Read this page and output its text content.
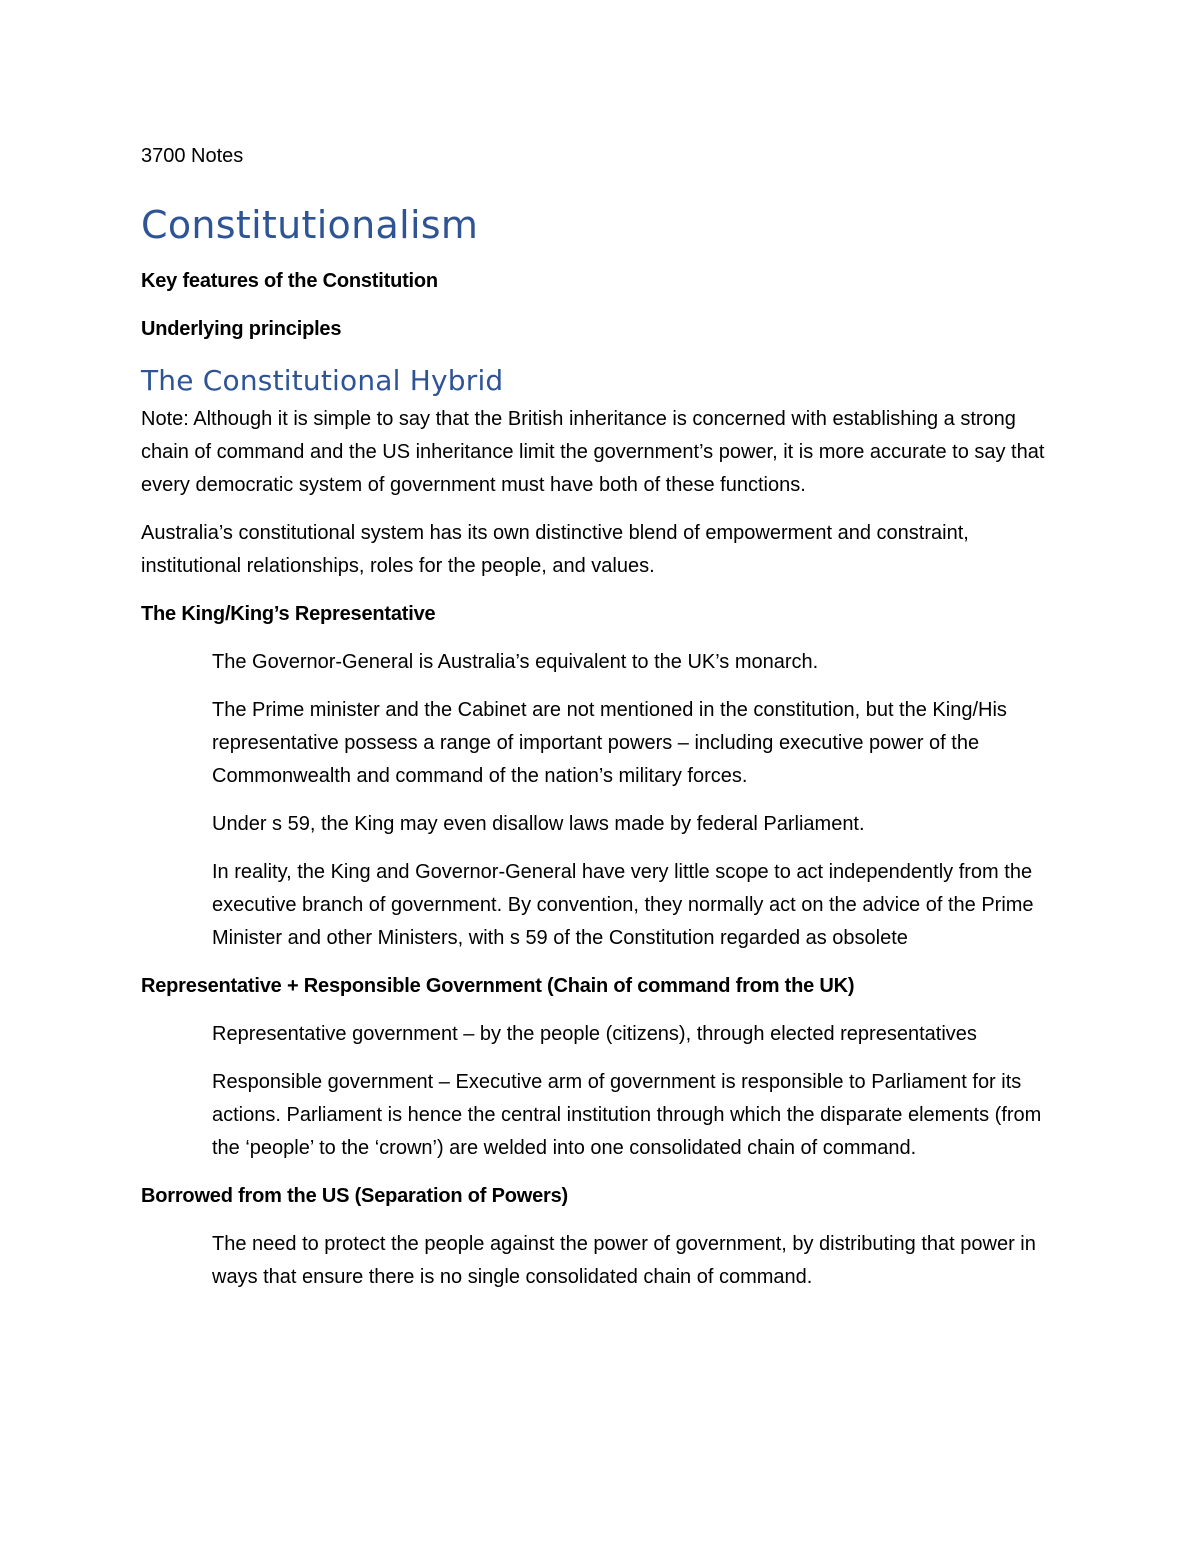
3700 Notes

Constitutionalism

Key features of the Constitution

Underlying principles

The Constitutional Hybrid

Note: Although it is simple to say that the British inheritance is concerned with establishing a strong chain of command and the US inheritance limit the government’s power, it is more accurate to say that every democratic system of government must have both of these functions.

Australia’s constitutional system has its own distinctive blend of empowerment and constraint, institutional relationships, roles for the people, and values.

The King/King’s Representative

The Governor-General is Australia’s equivalent to the UK’s monarch.

The Prime minister and the Cabinet are not mentioned in the constitution, but the King/His representative possess a range of important powers – including executive power of the Commonwealth and command of the nation’s military forces.

Under s 59, the King may even disallow laws made by federal Parliament.

In reality, the King and Governor-General have very little scope to act independently from the executive branch of government. By convention, they normally act on the advice of the Prime Minister and other Ministers, with s 59 of the Constitution regarded as obsolete

Representative + Responsible Government (Chain of command from the UK)

Representative government – by the people (citizens), through elected representatives

Responsible government – Executive arm of government is responsible to Parliament for its actions. Parliament is hence the central institution through which the disparate elements (from the ‘people’ to the ‘crown’) are welded into one consolidated chain of command.

Borrowed from the US (Separation of Powers)

The need to protect the people against the power of government, by distributing that power in ways that ensure there is no single consolidated chain of command.
